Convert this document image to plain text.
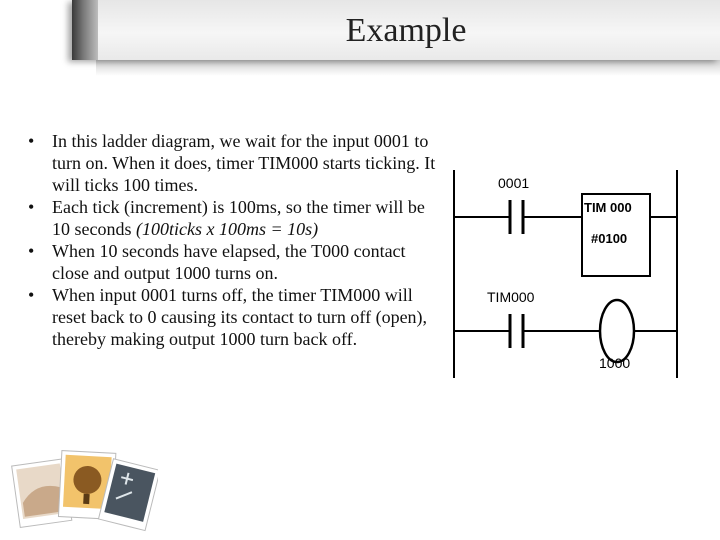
Example
• In this ladder diagram, we wait for the input 0001 to turn on. When it does, timer TIM000 starts ticking. It will ticks 100 times.
• Each tick (increment) is 100ms, so the timer will be 10 seconds (100ticks x 100ms = 10s)
• When 10 seconds have elapsed, the T000 contact close and output 1000 turns on.
• When input 0001 turns off, the timer TIM000 will reset back to 0 causing its contact to turn off (open), thereby making output 1000 turn back off.
0001
TIM 000
#0100
TIM000
1000
